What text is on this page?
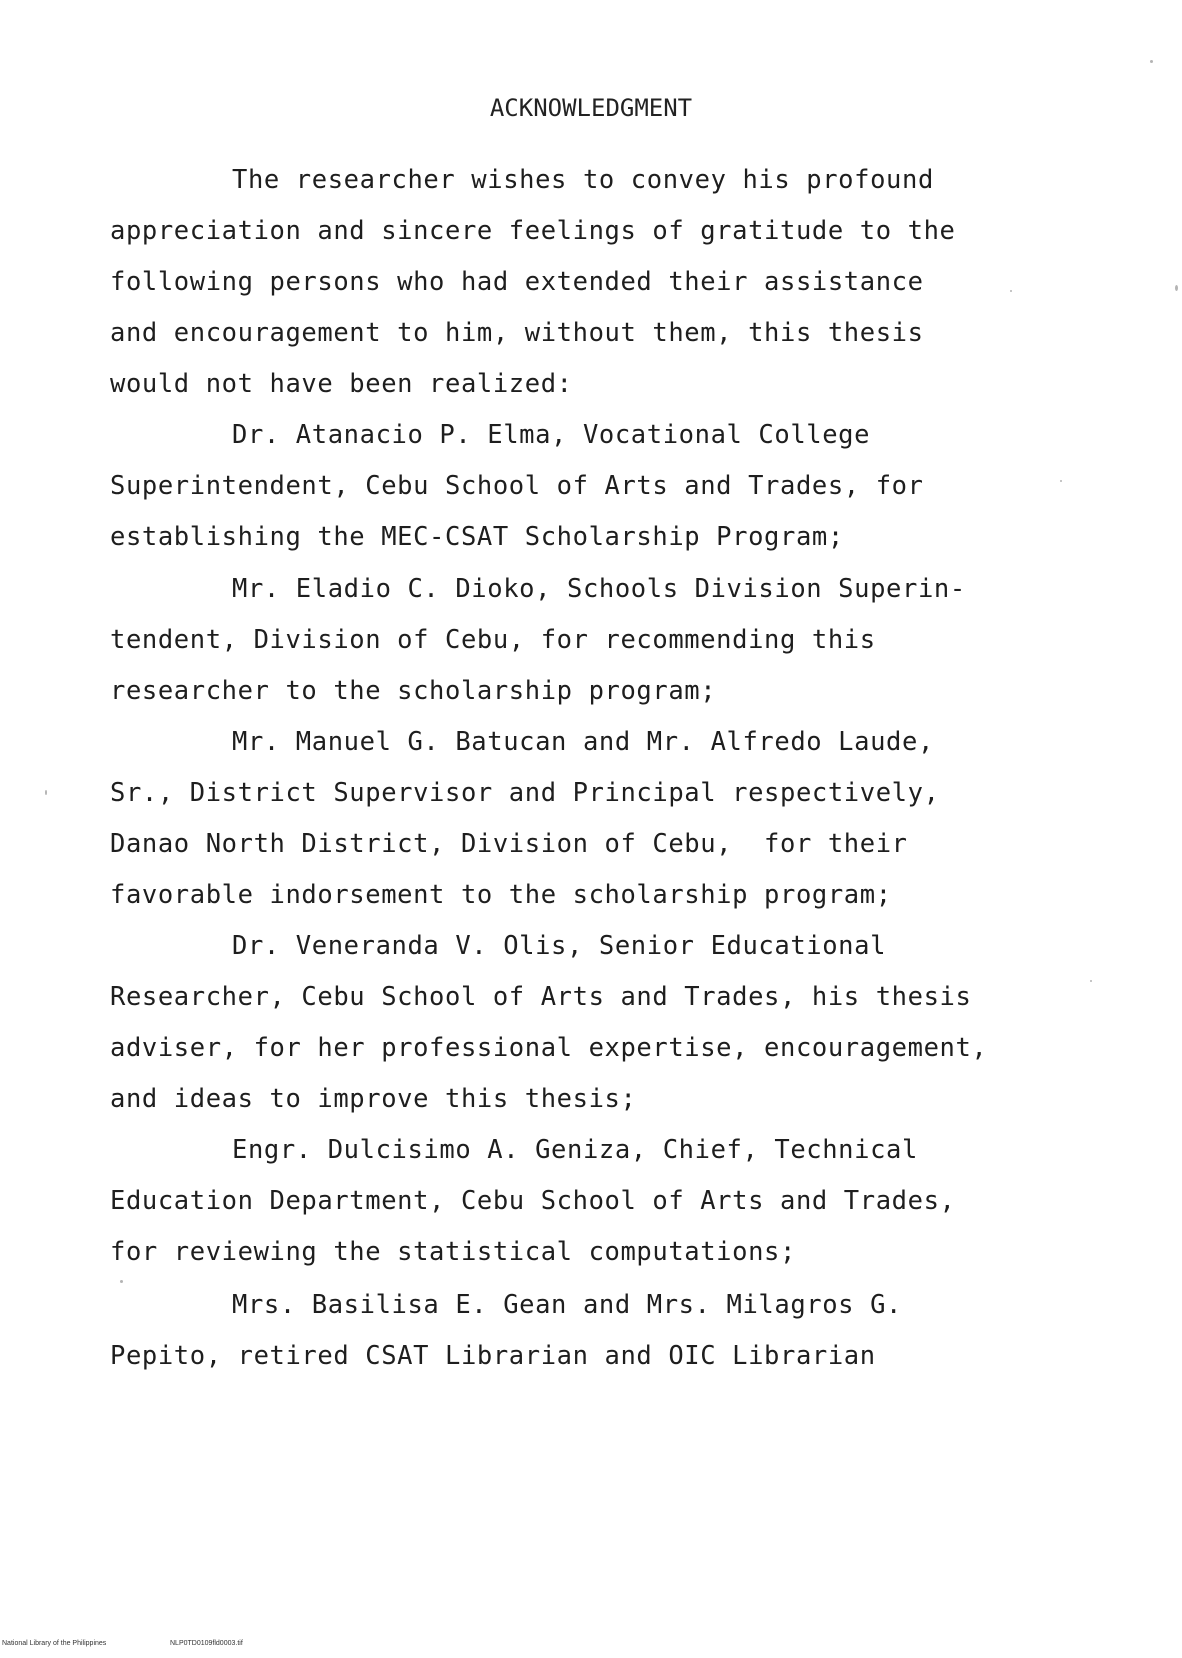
ACKNOWLEDGMENT
The researcher wishes to convey his profound
appreciation and sincere feelings of gratitude to the
following persons who had extended their assistance
and encouragement to him, without them, this thesis
would not have been realized:
Dr. Atanacio P. Elma, Vocational College
Superintendent, Cebu School of Arts and Trades, for
establishing the MEC-CSAT Scholarship Program;
Mr. Eladio C. Dioko, Schools Division Superin-
tendent, Division of Cebu, for recommending this
researcher to the scholarship program;
Mr. Manuel G. Batucan and Mr. Alfredo Laude,
Sr., District Supervisor and Principal respectively,
Danao North District, Division of Cebu,  for their
favorable indorsement to the scholarship program;
Dr. Veneranda V. Olis, Senior Educational
Researcher, Cebu School of Arts and Trades, his thesis
adviser, for her professional expertise, encouragement,
and ideas to improve this thesis;
Engr. Dulcisimo A. Geniza, Chief, Technical
Education Department, Cebu School of Arts and Trades,
for reviewing the statistical computations;
Mrs. Basilisa E. Gean and Mrs. Milagros G.
Pepito, retired CSAT Librarian and OIC Librarian
National Library of the Philippines	NLP0TD0109fld0003.tif
